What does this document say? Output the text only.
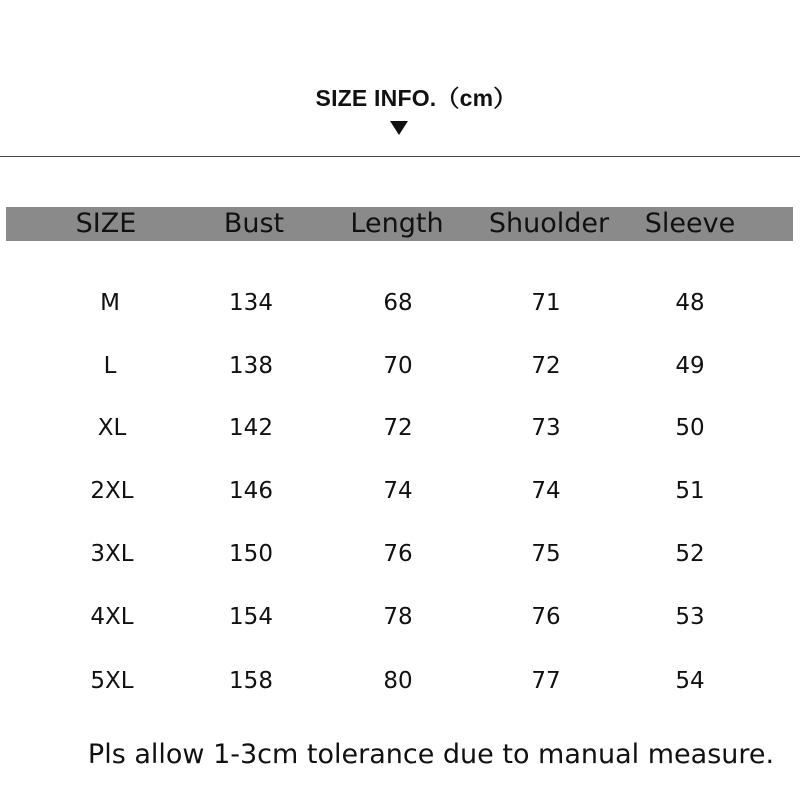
SIZE INFO.（cm）
SIZE	Bust	Length	Shuolder	Sleeve
M	134	68	71	48
L	138	70	72	49
XL	142	72	73	50
2XL	146	74	74	51
3XL	150	76	75	52
4XL	154	78	76	53
5XL	158	80	77	54
Pls allow 1-3cm tolerance due to manual measure.
